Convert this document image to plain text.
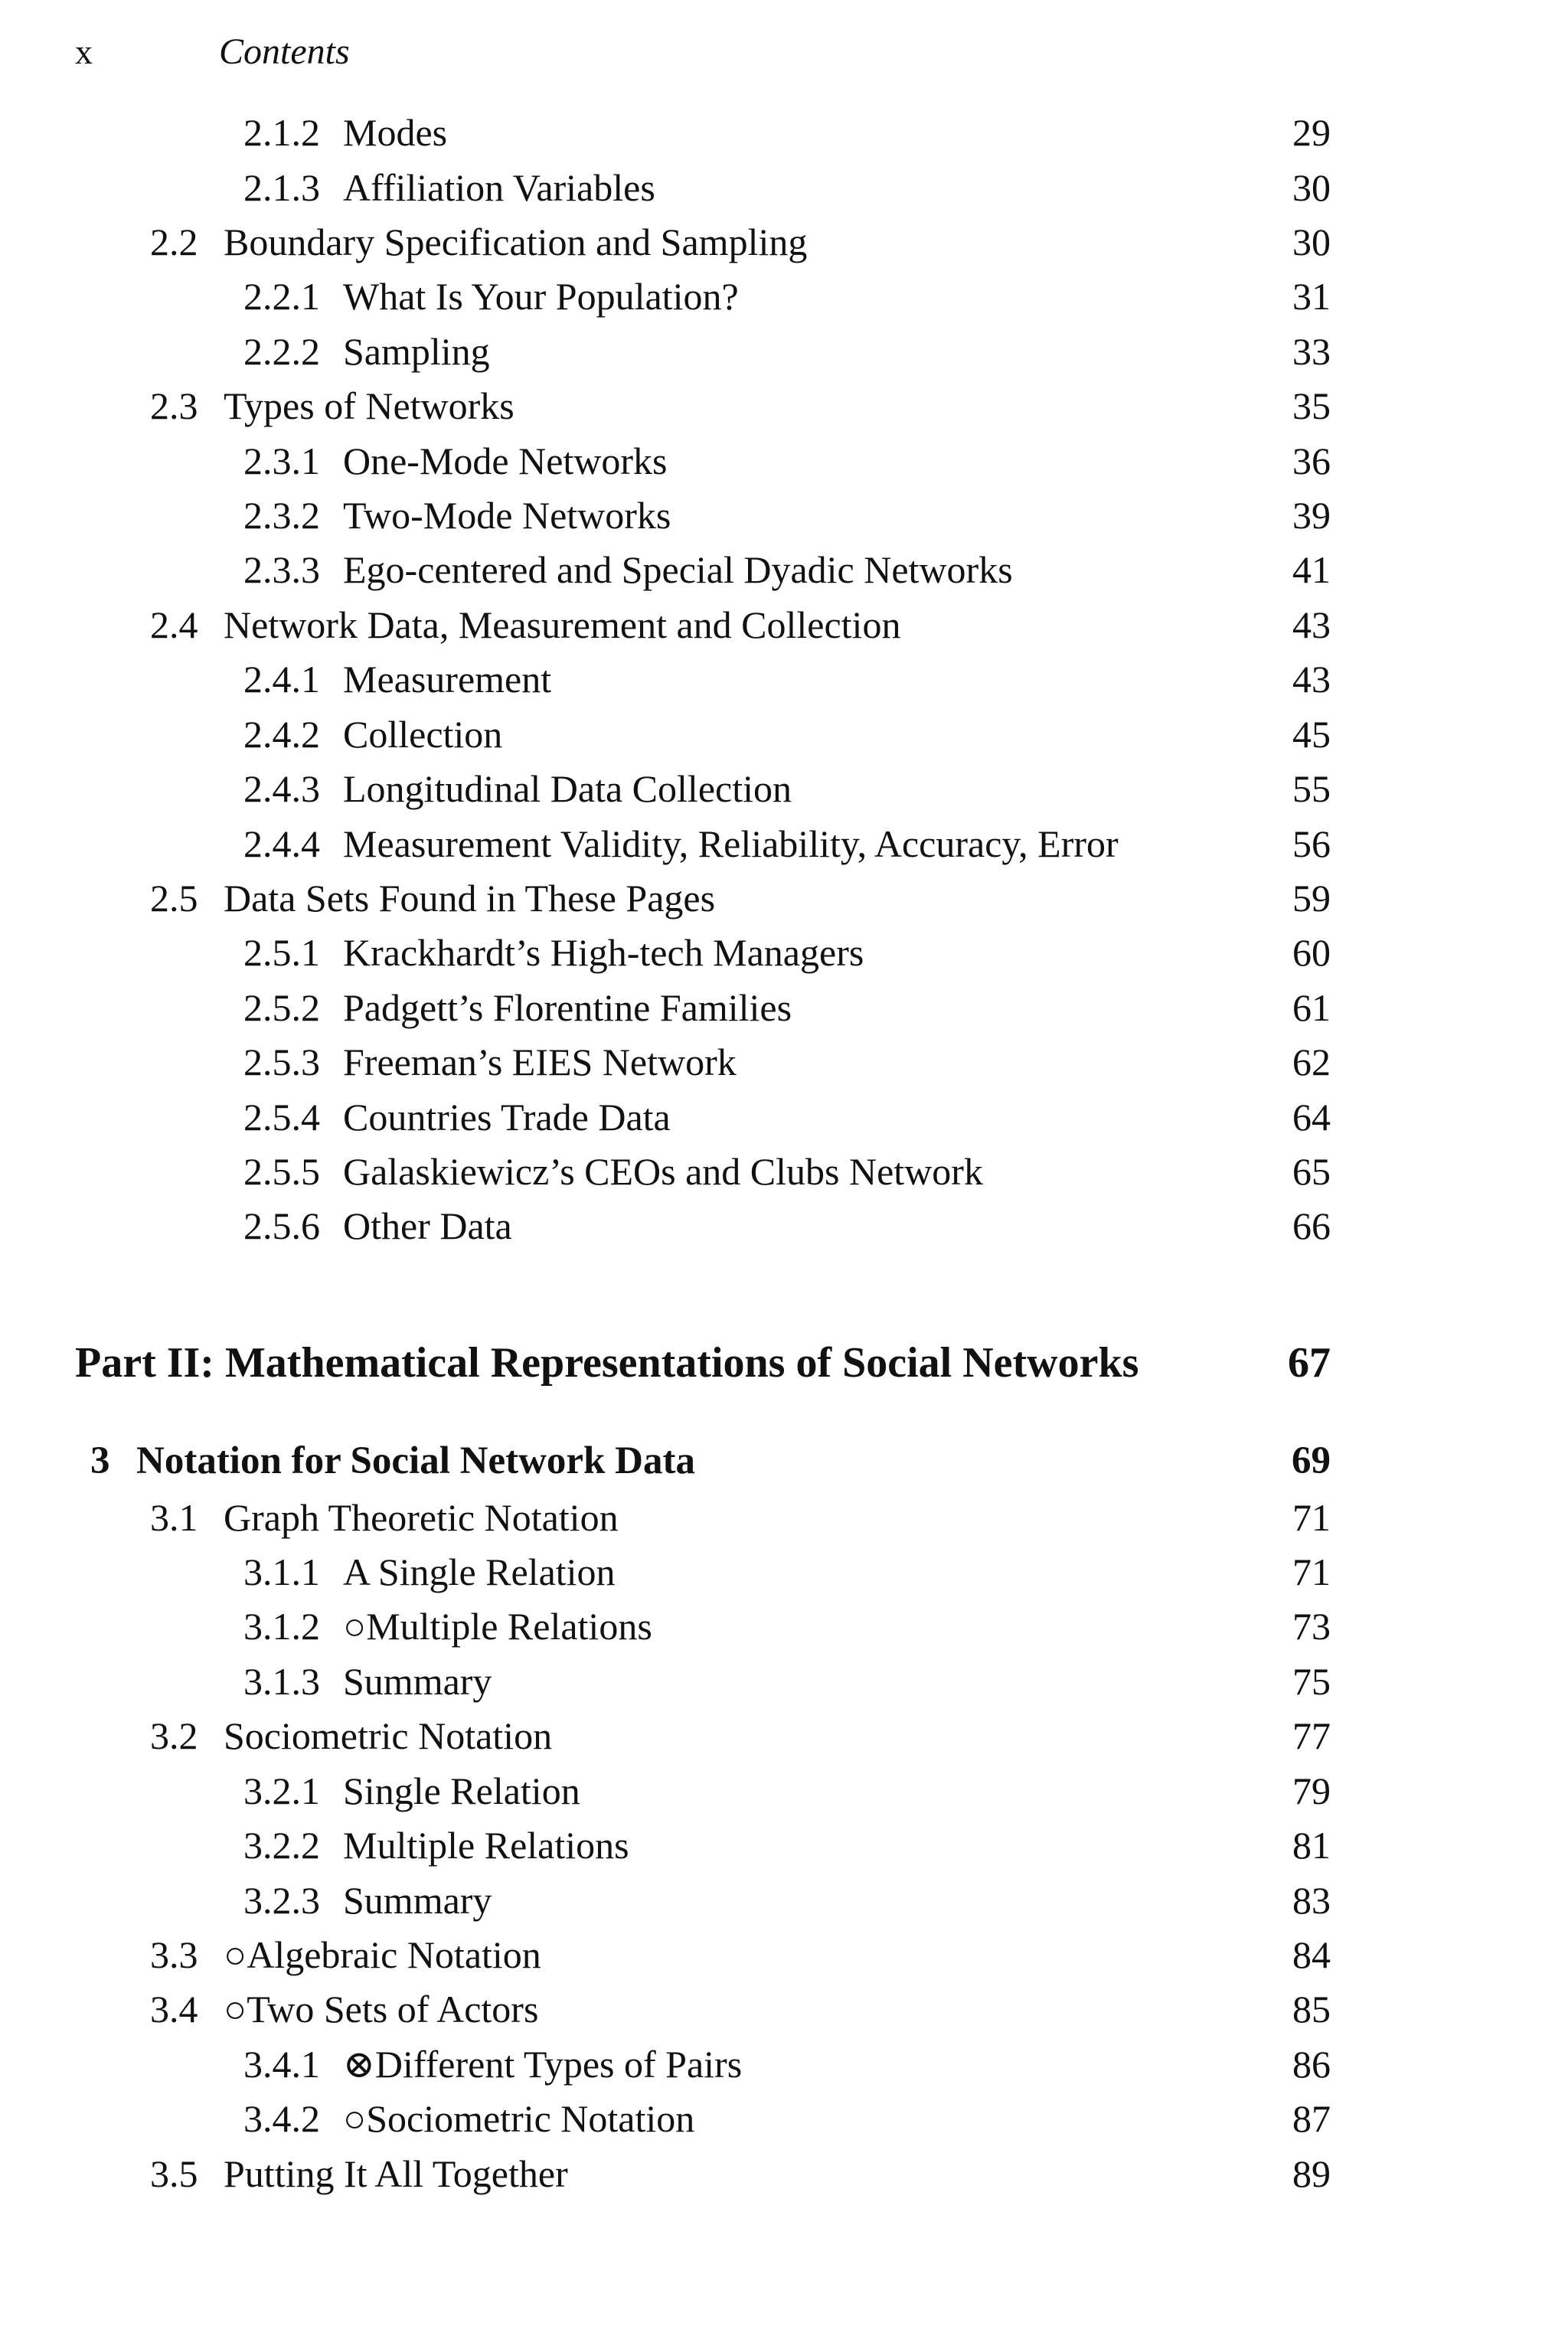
x	Contents
2.1.2 Modes	29
2.1.3 Affiliation Variables	30
2.2 Boundary Specification and Sampling	30
2.2.1 What Is Your Population?	31
2.2.2 Sampling	33
2.3 Types of Networks	35
2.3.1 One-Mode Networks	36
2.3.2 Two-Mode Networks	39
2.3.3 Ego-centered and Special Dyadic Networks	41
2.4 Network Data, Measurement and Collection	43
2.4.1 Measurement	43
2.4.2 Collection	45
2.4.3 Longitudinal Data Collection	55
2.4.4 Measurement Validity, Reliability, Accuracy, Error	56
2.5 Data Sets Found in These Pages	59
2.5.1 Krackhardt’s High-tech Managers	60
2.5.2 Padgett’s Florentine Families	61
2.5.3 Freeman’s EIES Network	62
2.5.4 Countries Trade Data	64
2.5.5 Galaskiewicz’s CEOs and Clubs Network	65
2.5.6 Other Data	66
Part II: Mathematical Representations of Social Networks	67
3 Notation for Social Network Data	69
3.1 Graph Theoretic Notation	71
3.1.1 A Single Relation	71
3.1.2 ○Multiple Relations	73
3.1.3 Summary	75
3.2 Sociometric Notation	77
3.2.1 Single Relation	79
3.2.2 Multiple Relations	81
3.2.3 Summary	83
3.3 ○Algebraic Notation	84
3.4 ○Two Sets of Actors	85
3.4.1 ⊗Different Types of Pairs	86
3.4.2 ○Sociometric Notation	87
3.5 Putting It All Together	89
